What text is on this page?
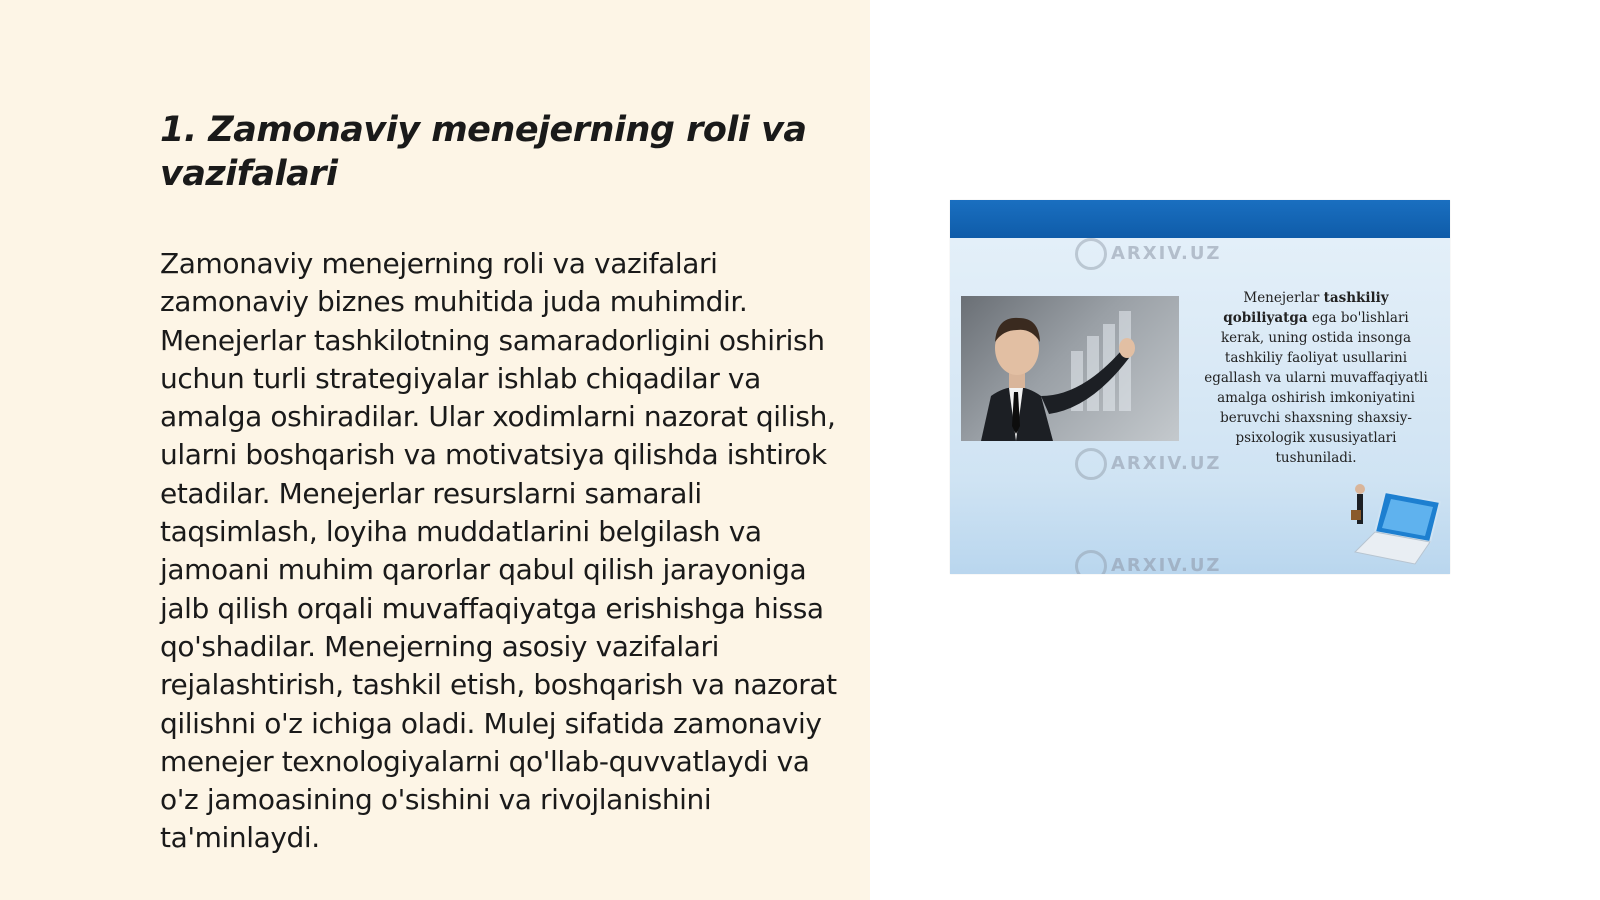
1. Zamonaviy menejerning roli va vazifalari

Zamonaviy menejerning roli va vazifalari zamonaviy biznes muhitida juda muhimdir. Menejerlar tashkilotning samaradorligini oshirish uchun turli strategiyalar ishlab chiqadilar va amalga oshiradilar. Ular xodimlarni nazorat qilish, ularni boshqarish va motivatsiya qilishda ishtirok etadilar. Menejerlar resurslarni samarali taqsimlash, loyiha muddatlarini belgilash va jamoani muhim qarorlar qabul qilish jarayoniga jalb qilish orqali muvaffaqiyatga erishishga hissa qo'shadilar. Menejerning asosiy vazifalari rejalashtirish, tashkil etish, boshqarish va nazorat qilishni o'z ichiga oladi. Mulej sifatida zamonaviy menejer texnologiyalarni qo'llab-quvvatlaydi va o'z jamoasining o'sishini va rivojlanishini ta'minlaydi.

ARXIV.UZ
ARXIV.UZ
ARXIV.UZ

Menejerlar tashkiliy qobiliyatga ega bo'lishlari kerak, uning ostida insonga tashkiliy faoliyat usullarini egallash va ularni muvaffaqiyatli amalga oshirish imkoniyatini beruvchi shaxsning shaxsiy-psixologik xususiyatlari tushuniladi.
